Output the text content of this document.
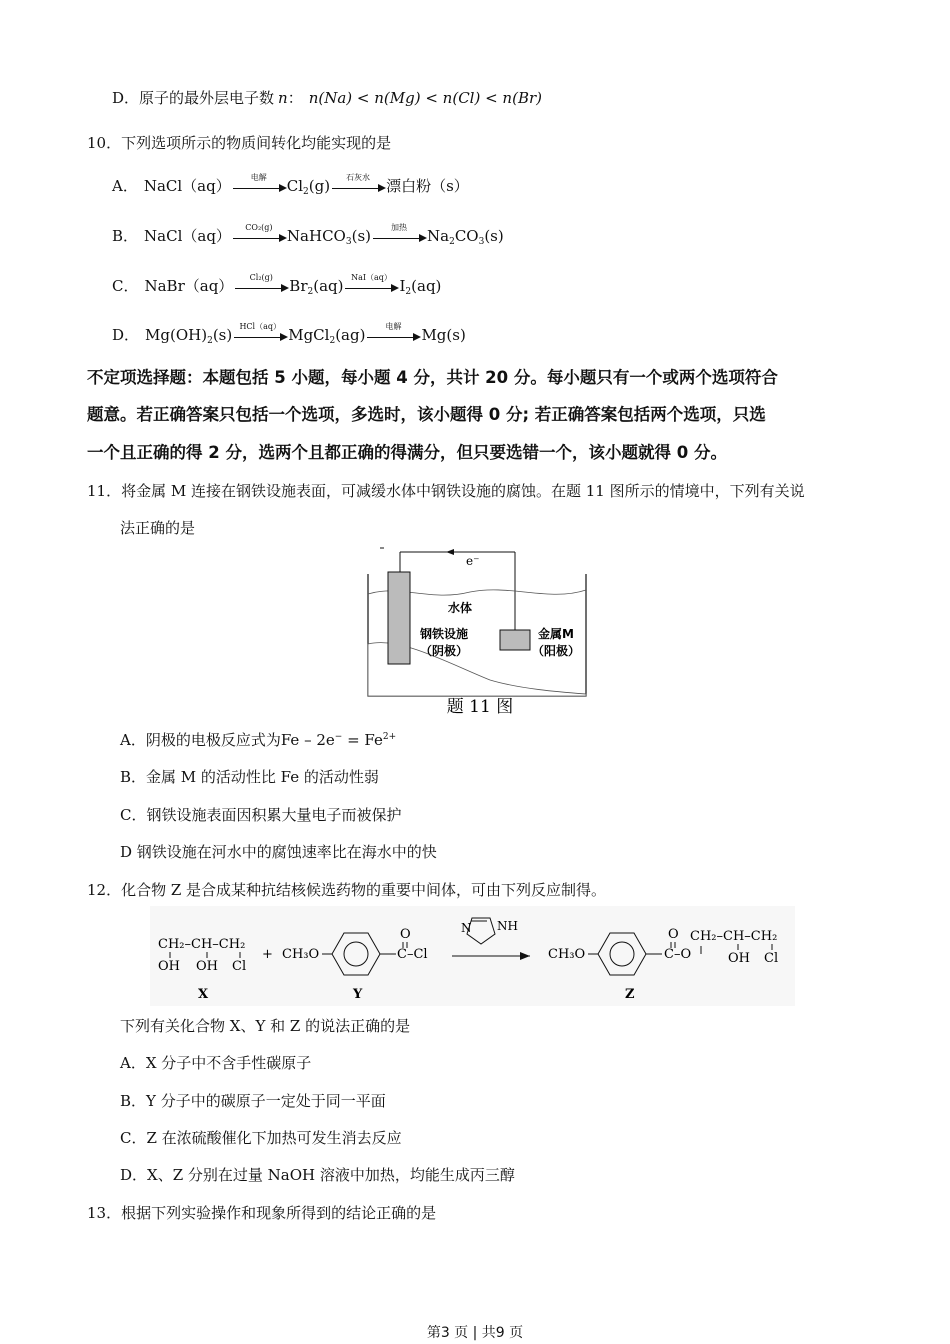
D．原子的最外层电子数 n： n(Na) < n(Mg) < n(Cl) < n(Br)
10．下列选项所示的物质间转化均能实现的是
A． NaCl（aq）	电解	$Cl_2(g)$	石灰水	漂白粉（s）
B． NaCl（aq）	CO₂(g) NaHCO$_3$(s)	加热	$Na_2CO_3(s)$
C． NaBr（aq）	Cl₂(g)	$Br_2(aq)$ NaI（aq） $I_2(aq)$
D． $Mg(OH)_2(s)$ HCl（aq） MgCl$_2$(ag)	电解	Mg(s)
不定项选择题：本题包括 5 小题，每小题 4 分，共计 20 分。每小题只有一个或两个选项符合
题意。若正确答案只包括一个选项，多选时，该小题得 0 分; 若正确答案包括两个选项，只选
一个且正确的得 2 分，选两个且都正确的得满分，但只要选错一个，该小题就得 0 分。
11．将金属 M 连接在钢铁设施表面，可减缓水体中钢铁设施的腐蚀。在题 11 图所示的情境中，下列有关说
法正确的是
e⁻
水体
钢铁设施
（阴极）
金属M
（阳极）
题 11 图
A．阴极的电极反应式为$Fe - 2e^- = Fe^{2+}$
B．金属 M 的活动性比 Fe 的活动性弱
C．钢铁设施表面因积累大量电子而被保护
D 钢铁设施在河水中的腐蚀速率比在海水中的快
12．化合物 Z 是合成某种抗结核候选药物的重要中间体，可由下列反应制得。
CH₂–CH–CH₂
OH OH Cl
X
+ CH₃O
O
C–Cl
Y
N NH
CH₃O
O
C–O
CH₂–CH–CH₂
OH Cl
Z
下列有关化合物 X、Y 和 Z 的说法正确的是
A．X 分子中不含手性碳原子
B．Y 分子中的碳原子一定处于同一平面
C．Z 在浓硫酸催化下加热可发生消去反应
D．X、Z 分别在过量 NaOH 溶液中加热，均能生成丙三醇
13．根据下列实验操作和现象所得到的结论正确的是
第3 页 | 共9 页
